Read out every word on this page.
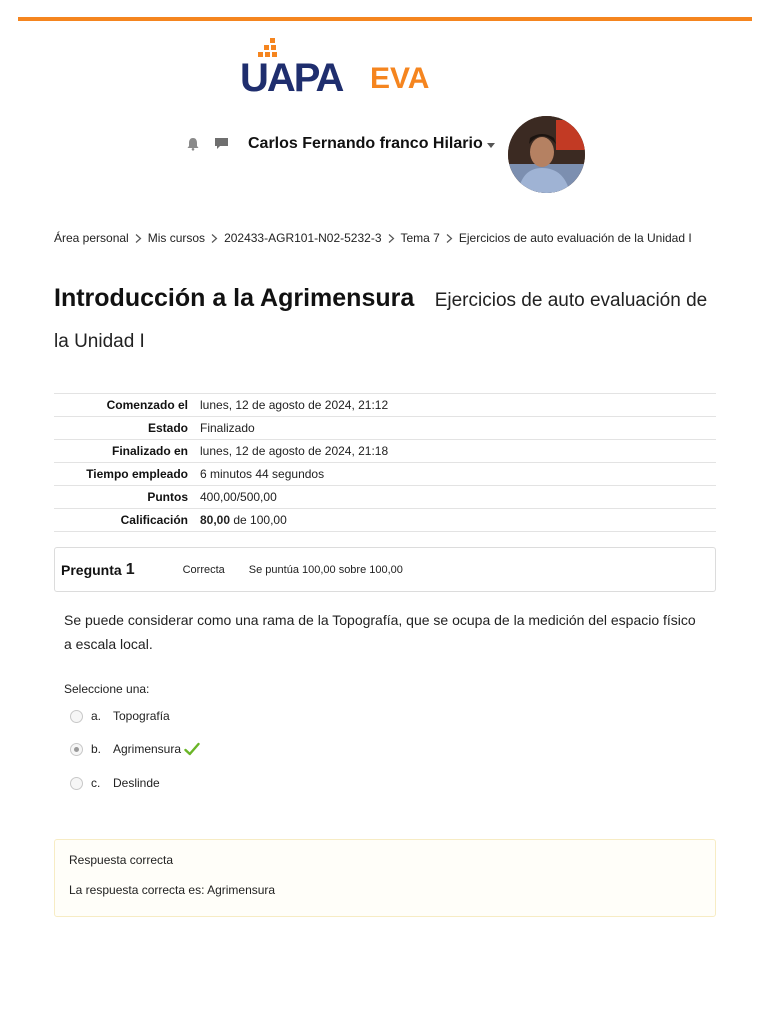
UAPA EVA
Carlos Fernando franco Hilario
Área personal Mis cursos 202433-AGR101-N02-5232-3 Tema 7 Ejercicios de auto evaluación de la Unidad I
Introducción a la Agrimensura Ejercicios de auto evaluación de la Unidad I
Comenzado el	lunes, 12 de agosto de 2024, 21:12
Estado	Finalizado
Finalizado en	lunes, 12 de agosto de 2024, 21:18
Tiempo empleado	6 minutos 44 segundos
Puntos	400,00/500,00
Calificación	80,00 de 100,00
Pregunta 1	Correcta Se puntúa 100,00 sobre 100,00
Se puede considerar como una rama de la Topografía, que se ocupa de la medición del espacio físico a escala local.
Seleccione una:
a. Topografía
b. Agrimensura
c.	Deslinde
Respuesta correcta
La respuesta correcta es: Agrimensura
